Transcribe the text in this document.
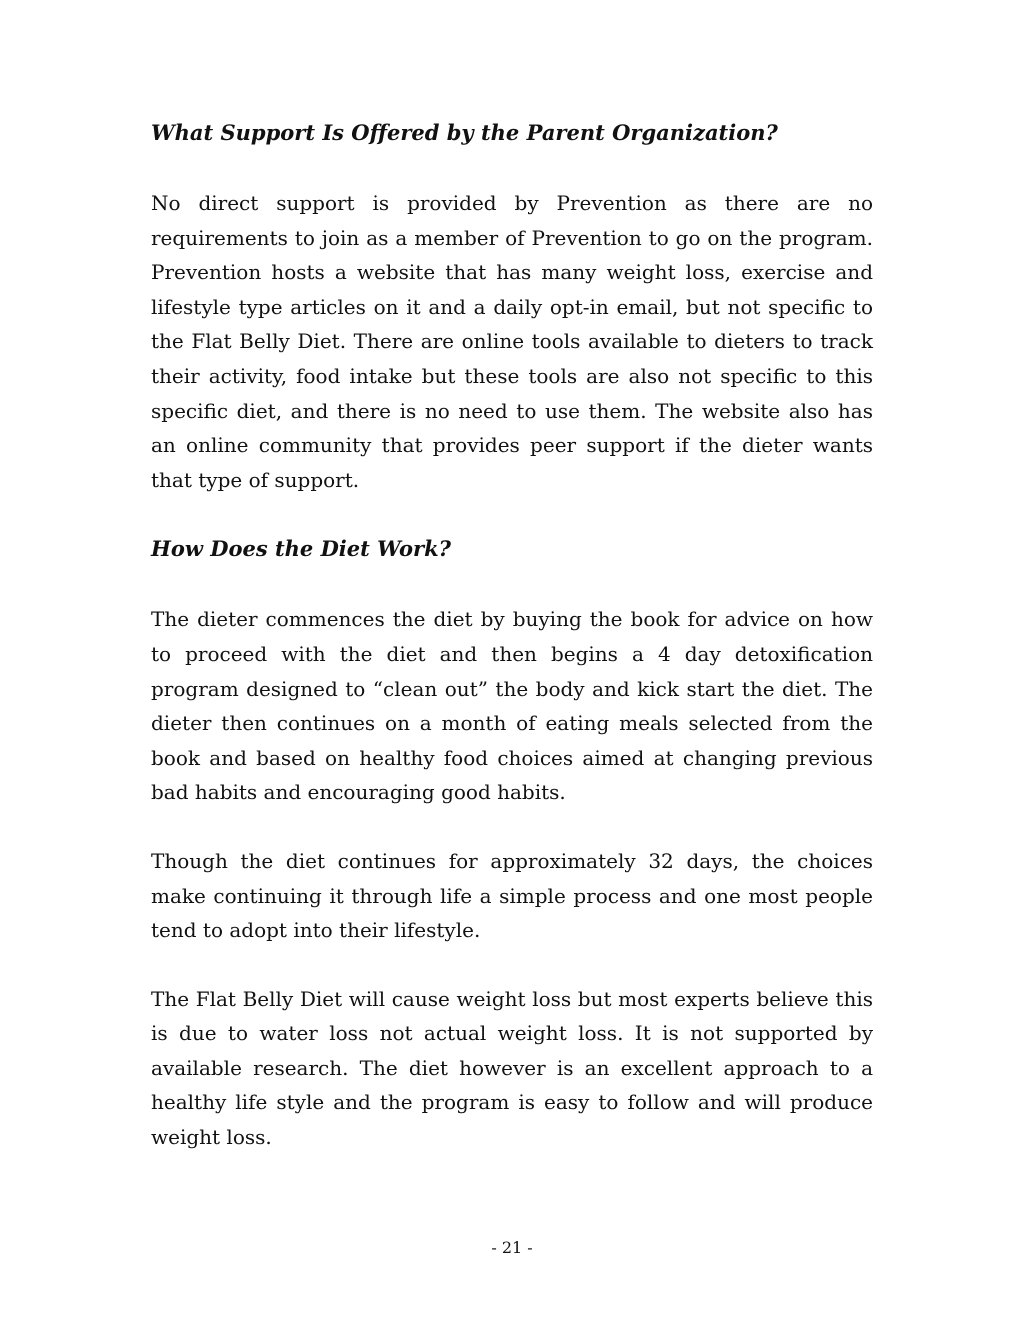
What Support Is Offered by the Parent Organization?

No direct support is provided by Prevention as there are no requirements to join as a member of Prevention to go on the program. Prevention hosts a website that has many weight loss, exercise and lifestyle type articles on it and a daily opt-in email, but not specific to the Flat Belly Diet. There are online tools available to dieters to track their activity, food intake but these tools are also not specific to this specific diet, and there is no need to use them. The website also has an online community that provides peer support if the dieter wants that type of support.

How Does the Diet Work?

The dieter commences the diet by buying the book for advice on how to proceed with the diet and then begins a 4 day detoxification program designed to “clean out” the body and kick start the diet. The dieter then continues on a month of eating meals selected from the book and based on healthy food choices aimed at changing previous bad habits and encouraging good habits.

Though the diet continues for approximately 32 days, the choices make continuing it through life a simple process and one most people tend to adopt into their lifestyle.

The Flat Belly Diet will cause weight loss but most experts believe this is due to water loss not actual weight loss. It is not supported by available research. The diet however is an excellent approach to a healthy life style and the program is easy to follow and will produce weight loss.

- 21 -
